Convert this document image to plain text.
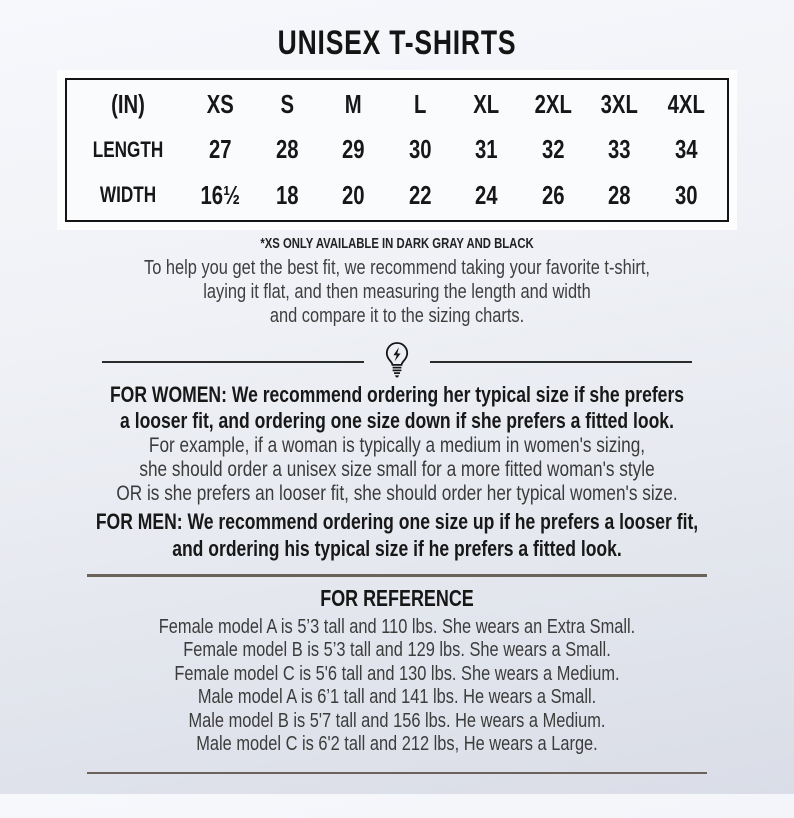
UNISEX T-SHIRTS
(IN)	XS	S	M	L	XL	2XL 3XL 4XL
LENGTH	27	28	29	30	31	32	33	34
WIDTH	16½	18	20	22	24	26	28	30
*XS ONLY AVAILABLE IN DARK GRAY AND BLACK
To help you get the best fit, we recommend taking your favorite t-shirt,
laying it flat, and then measuring the length and width
and compare it to the sizing charts.
FOR WOMEN: We recommend ordering her typical size if she prefers
a looser fit, and ordering one size down if she prefers a fitted look.
For example, if a woman is typically a medium in women's sizing,
she should order a unisex size small for a more fitted woman's style
OR is she prefers an looser fit, she should order her typical women's size.
FOR MEN: We recommend ordering one size up if he prefers a looser fit,
and ordering his typical size if he prefers a fitted look.
FOR REFERENCE
Female model A is 5’3 tall and 110 lbs. She wears an Extra Small.
Female model B is 5’3 tall and 129 lbs. She wears a Small.
Female model C is 5'6 tall and 130 lbs. She wears a Medium.
Male model A is 6’1 tall and 141 lbs. He wears a Small.
Male model B is 5'7 tall and 156 lbs. He wears a Medium.
Male model C is 6'2 tall and 212 lbs, He wears a Large.
